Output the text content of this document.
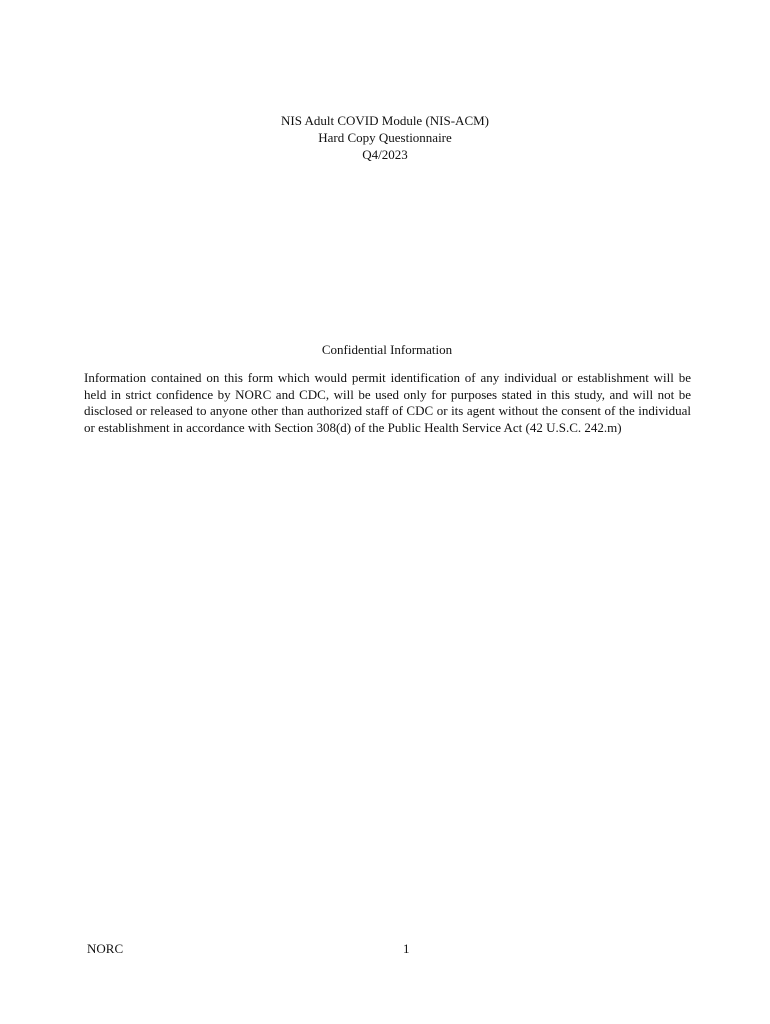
NIS Adult COVID Module (NIS-ACM)
Hard Copy Questionnaire
Q4/2023
Confidential Information
Information contained on this form which would permit identification of any individual or establishment will be held in strict confidence by NORC and CDC, will be used only for purposes stated in this study, and will not be disclosed or released to anyone other than authorized staff of CDC or its agent without the consent of the individual or establishment in accordance with Section 308(d) of the Public Health Service Act (42 U.S.C. 242.m)
NORC	1
